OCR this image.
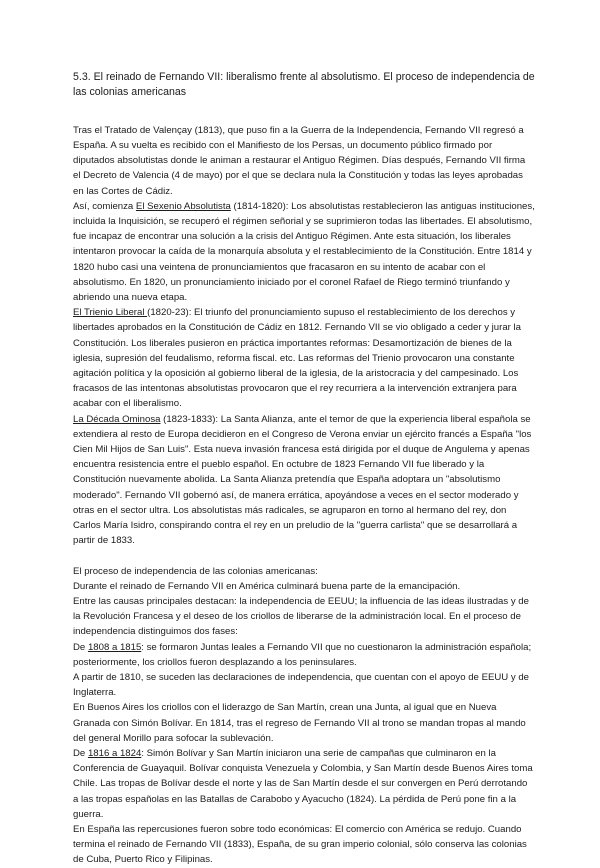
5.3. El reinado de Fernando VII: liberalismo frente al absolutismo. El proceso de independencia de las colonias americanas

Tras el Tratado de Valençay (1813), que puso fin a la Guerra de la Independencia, Fernando VII regresó a España. A su vuelta es recibido con el Manifiesto de los Persas, un documento público firmado por diputados absolutistas donde le animan a restaurar el Antiguo Régimen. Días después, Fernando VII firma el Decreto de Valencia (4 de mayo) por el que se declara nula la Constitución y todas las leyes aprobadas en las Cortes de Cádiz.

Así, comienza El Sexenio Absolutista (1814-1820): Los absolutistas restablecieron las antiguas instituciones, incluida la Inquisición, se recuperó el régimen señorial y se suprimieron todas las libertades. El absolutismo, fue incapaz de encontrar una solución a la crisis del Antiguo Régimen. Ante esta situación, los liberales intentaron provocar la caída de la monarquía absoluta y el restablecimiento de la Constitución. Entre 1814 y 1820 hubo casi una veintena de pronunciamientos que fracasaron en su intento de acabar con el absolutismo. En 1820, un pronunciamiento iniciado por el coronel Rafael de Riego terminó triunfando y abriendo una nueva etapa.

El Trienio Liberal (1820-23): El triunfo del pronunciamiento supuso el restablecimiento de los derechos y libertades aprobados en la Constitución de Cádiz en 1812. Fernando VII se vio obligado a ceder y jurar la Constitución. Los liberales pusieron en práctica importantes reformas: Desamortización de bienes de la iglesia, supresión del feudalismo, reforma fiscal. etc. Las reformas del Trienio provocaron una constante agitación política y la oposición al gobierno liberal de la iglesia, de la aristocracia y del campesinado. Los fracasos de las intentonas absolutistas provocaron que el rey recurriera a la intervención extranjera para acabar con el liberalismo.

La Década Ominosa (1823-1833): La Santa Alianza, ante el temor de que la experiencia liberal española se extendiera al resto de Europa decidieron en el Congreso de Verona enviar un ejército francés a España "los Cien Mil Hijos de San Luis". Esta nueva invasión francesa está dirigida por el duque de Angulema y apenas encuentra resistencia entre el pueblo español. En octubre de 1823 Fernando VII fue liberado y la Constitución nuevamente abolida. La Santa Alianza pretendía que España adoptara un "absolutismo moderado". Fernando VII gobernó así, de manera errática, apoyándose a veces en el sector moderado y otras en el sector ultra. Los absolutistas más radicales, se agruparon en torno al hermano del rey, don Carlos María Isidro, conspirando contra el rey en un preludio de la "guerra carlista" que se desarrollará a partir de 1833.

El proceso de independencia de las colonias americanas:

Durante el reinado de Fernando VII en América culminará buena parte de la emancipación.

Entre las causas principales destacan: la independencia de EEUU; la influencia de las ideas ilustradas y de la Revolución Francesa y el deseo de los criollos de liberarse de la administración local. En el proceso de independencia distinguimos dos fases:

De 1808 a 1815: se formaron Juntas leales a Fernando VII que no cuestionaron la administración española; posteriormente, los criollos fueron desplazando a los peninsulares.

A partir de 1810, se suceden las declaraciones de independencia, que cuentan con el apoyo de EEUU y de Inglaterra.

En Buenos Aires los criollos con el liderazgo de San Martín, crean una Junta, al igual que en Nueva Granada con Simón Bolívar. En 1814, tras el regreso de Fernando VII al trono se mandan tropas al mando del general Morillo para sofocar la sublevación.

De 1816 a 1824: Simón Bolívar y San Martín iniciaron una serie de campañas que culminaron en la Conferencia de Guayaquil. Bolívar conquista Venezuela y Colombia, y San Martín desde Buenos Aires toma Chile. Las tropas de Bolívar desde el norte y las de San Martín desde el sur convergen en Perú derrotando a las tropas españolas en las Batallas de Carabobo y Ayacucho (1824). La pérdida de Perú pone fin a la guerra.

En España las repercusiones fueron sobre todo económicas: El comercio con América se redujo. Cuando termina el reinado de Fernando VII (1833), España, de su gran imperio colonial, sólo conserva las colonias de Cuba, Puerto Rico y Filipinas.
